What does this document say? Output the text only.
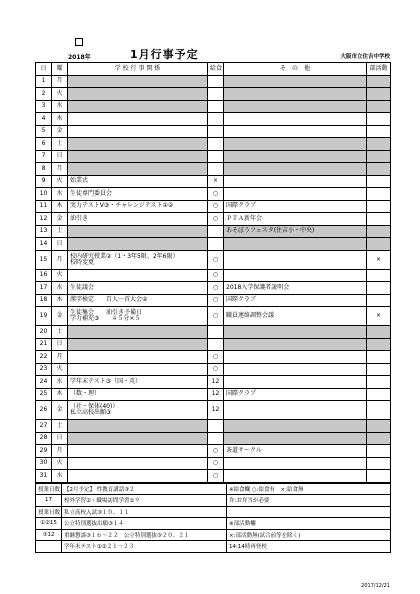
2018年	1月行事予定	大阪市立住吉中学校
日	曜	学 校 行 事 関 係	給食	そ　の　他	部活動
1	月				
2	火				
3	水				
4	木				
5	金				
6	土				
7	日				
8	月				
9	火	始業式	×		
10	水	生徒専門委員会	○		
11	木	実力テストⅤ③・チャレンジテスト①②	○	国際クラブ	
12	金	油引き	○	ＰＴＡ新年会	
13	土			あそぼうフェスタ(住吉小・中央)	
14	日				
15	月	校内研究授業②（1・3年5限、2年6限）
校時変更	○		×
16	火		○		
17	水	生徒議会	○	2018入学保護者説明会	
18	木	漢字検定　　百人一首大会②	○	国際クラブ	
19	金	生徒集会　　油引き予備日
学力補充③　　４５分×５	○	職員連絡調整会議	×
20	土				
21	日				
22	月		○		
23	火		○		
24	水	学年末テスト③（国・英）	12		
25	木	（数・理）	12	国際クラブ	
26	金	（社・保体(40)）
私立高校出願③	12		
27	土				
28	日				
29	月		○	茶道サークル	
30	火		○		
31	水		○		
授業日数	【2月予定】 性教育講話③２	※給食欄 ○:給食有　×:給食無
17	校外学習②・職場訪問学習①９	弁:お弁当が必要
授業日数	私立高校入試③１０、１１	
①②15	公立特別選抜出願③１４	※部活動欄
③12	重継懇談③１６～２２　公立特別選抜③２０、２１	×:部活動無(試合前等を除く)
	学年末テスト①②２１～２３	14:14時再登校
2017/12/21
